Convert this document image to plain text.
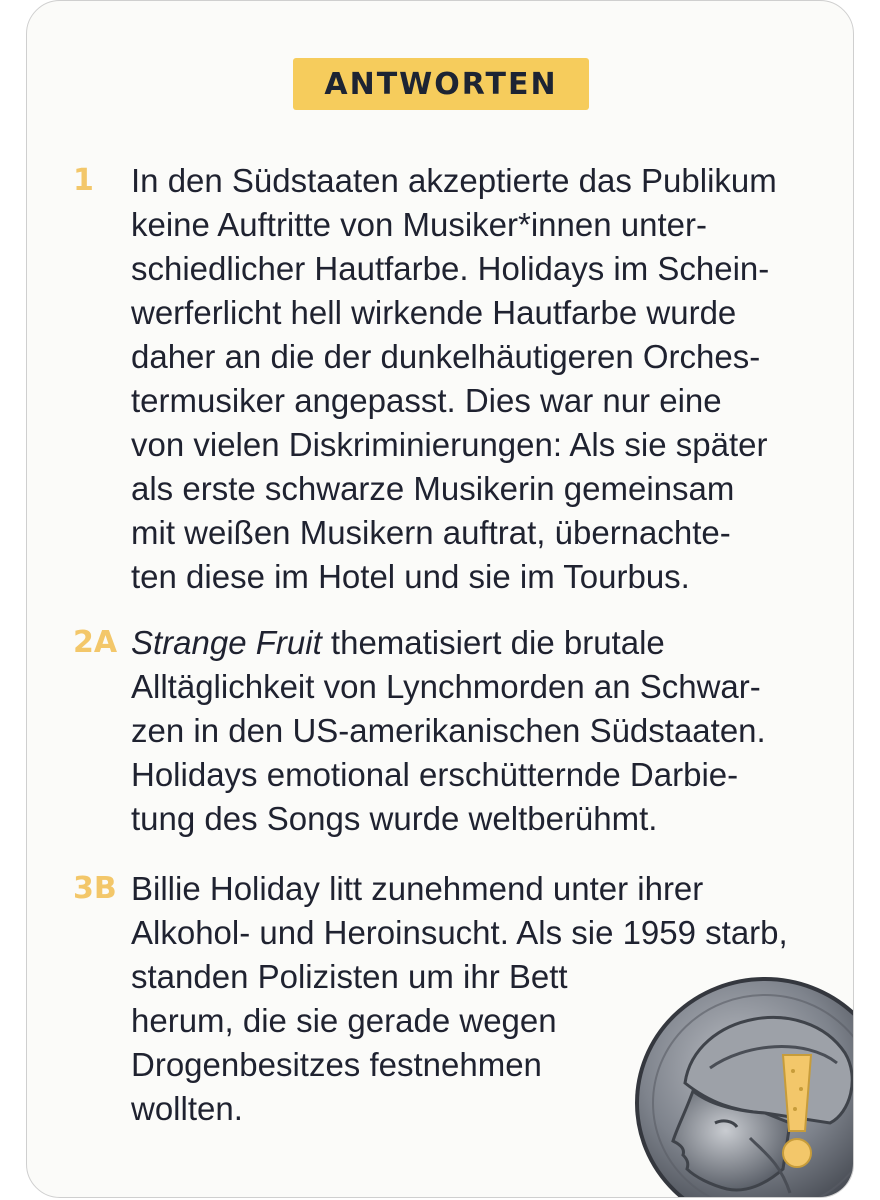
ANTWORTEN
1 In den Südstaaten akzeptierte das Publikum
keine Auftritte von Musiker*innen unter-
schiedlicher Hautfarbe. Holidays im Schein-
werferlicht hell wirkende Hautfarbe wurde
daher an die der dunkelhäutigeren Orches-
termusiker angepasst. Dies war nur eine
von vielen Diskriminierungen: Als sie später
als erste schwarze Musikerin gemeinsam
mit weißen Musikern auftrat, übernachte-
ten diese im Hotel und sie im Tourbus.
2A Strange Fruit thematisiert die brutale
Alltäglichkeit von Lynchmorden an Schwar-
zen in den US-amerikanischen Südstaaten.
Holidays emotional erschütternde Darbie-
tung des Songs wurde weltberühmt.
3B Billie Holiday litt zunehmend unter ihrer
Alkohol- und Heroinsucht. Als sie 1959 starb,
standen Polizisten um ihr Bett
herum, die sie gerade wegen
Drogenbesitzes festnehmen
wollten.
